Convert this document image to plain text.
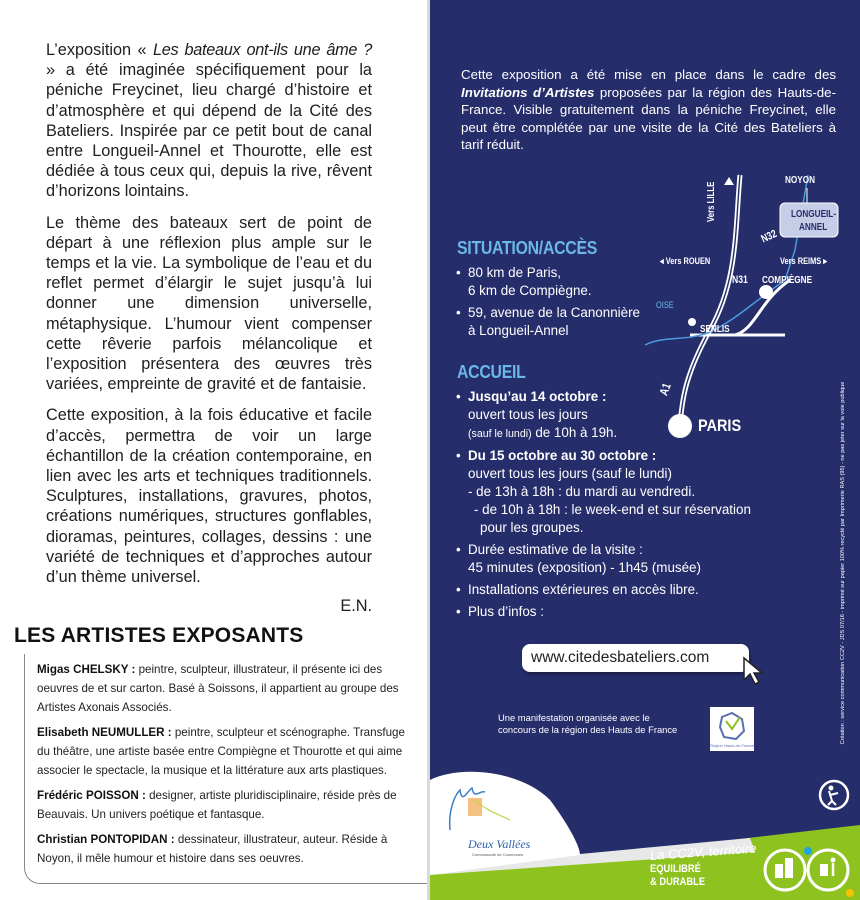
L’exposition « Les bateaux ont-ils une âme ? » a été imaginée spécifiquement pour la péniche Freycinet, lieu chargé d’histoire et d’atmosphère et qui dépend de la Cité des Bateliers. Inspirée par ce petit bout de canal entre Longueil-Annel et Thourotte, elle est dédiée à tous ceux qui, depuis la rive, rêvent d’horizons lointains.

Le thème des bateaux sert de point de départ à une réflexion plus ample sur le temps et la vie. La symbolique de l’eau et du reflet permet d’élargir le sujet jusqu’à lui donner une dimension universelle, métaphysique. L’humour vient compenser cette rêverie parfois mélancolique et l’exposition présentera des œuvres très variées, empreinte de gravité et de fantaisie.

Cette exposition, à la fois éducative et facile d’accès, permettra de voir un large échantillon de la création contemporaine, en lien avec les arts et techniques traditionnels. Sculptures, installations, gravures, photos, créations numériques, structures gonflables, dioramas, peintures, collages, dessins : une variété de techniques et d’approches autour d’un thème universel.

E.N.

LES ARTISTES EXPOSANTS
Migas CHELSKY : peintre, sculpteur, illustrateur, il présente ici des oeuvres de et sur carton. Basé à Soissons, il appartient au groupe des Artistes Axonais Associés.
Elisabeth NEUMULLER : peintre, sculpteur et scénographe. Transfuge du théâtre, une artiste basée entre Compiègne et Thourotte et qui aime associer le spectacle, la musique et la littérature aux arts plastiques.
Frédéric POISSON : designer, artiste pluridisciplinaire, réside près de Beauvais. Un univers poétique et fantasque.
Christian PONTOPIDAN : dessinateur, illustrateur, auteur. Réside à Noyon, il mêle humour et histoire dans ses oeuvres.
Cette exposition a été mise en place dans le cadre des Invitations d’Artistes proposées par la région des Hauts-de-France. Visible gratuitement dans la péniche Freycinet, elle peut être complétée par une visite de la Cité des Bateliers à tarif réduit.
SITUATION/ACCÈS
• 80 km de Paris,
6 km de Compiègne.
• 59, avenue de la Canonnière
à Longueil-Annel
ACCUEIL
• Jusqu’au 14 octobre :
ouvert tous les jours
(sauf le lundi) de 10h à 19h.
• Du 15 octobre au 30 octobre :
ouvert tous les jours (sauf le lundi)
- de 13h à 18h : du mardi au vendredi.
- de 10h à 18h : le week-end et sur réservation
pour les groupes.
• Durée estimative de la visite :
45 minutes (exposition) - 1h45 (musée)
• Installations extérieures en accès libre.
• Plus d’infos :
NOYON
LONGUEIL-
ANNEL
Vers LILLE
◂ Vers ROUEN	Vers REIMS ▸
N32
N31 COMPIÈGNE
OISE
SENLIS
A1
PARIS
www.citedesbateliers.com
Une manifestation organisée avec le
concours de la région des Hauts de France
Région Hauts-de-France
Deux Vallées
Communauté de Communes	La CC2V, territoire
EQUILIBRÉ
& DURABLE
Création : service communication CC2V - JDS 07/16 - imprimé sur papier 100% recyclé par Imprimerie RAS (95) - ne pas jeter sur la voie publique
